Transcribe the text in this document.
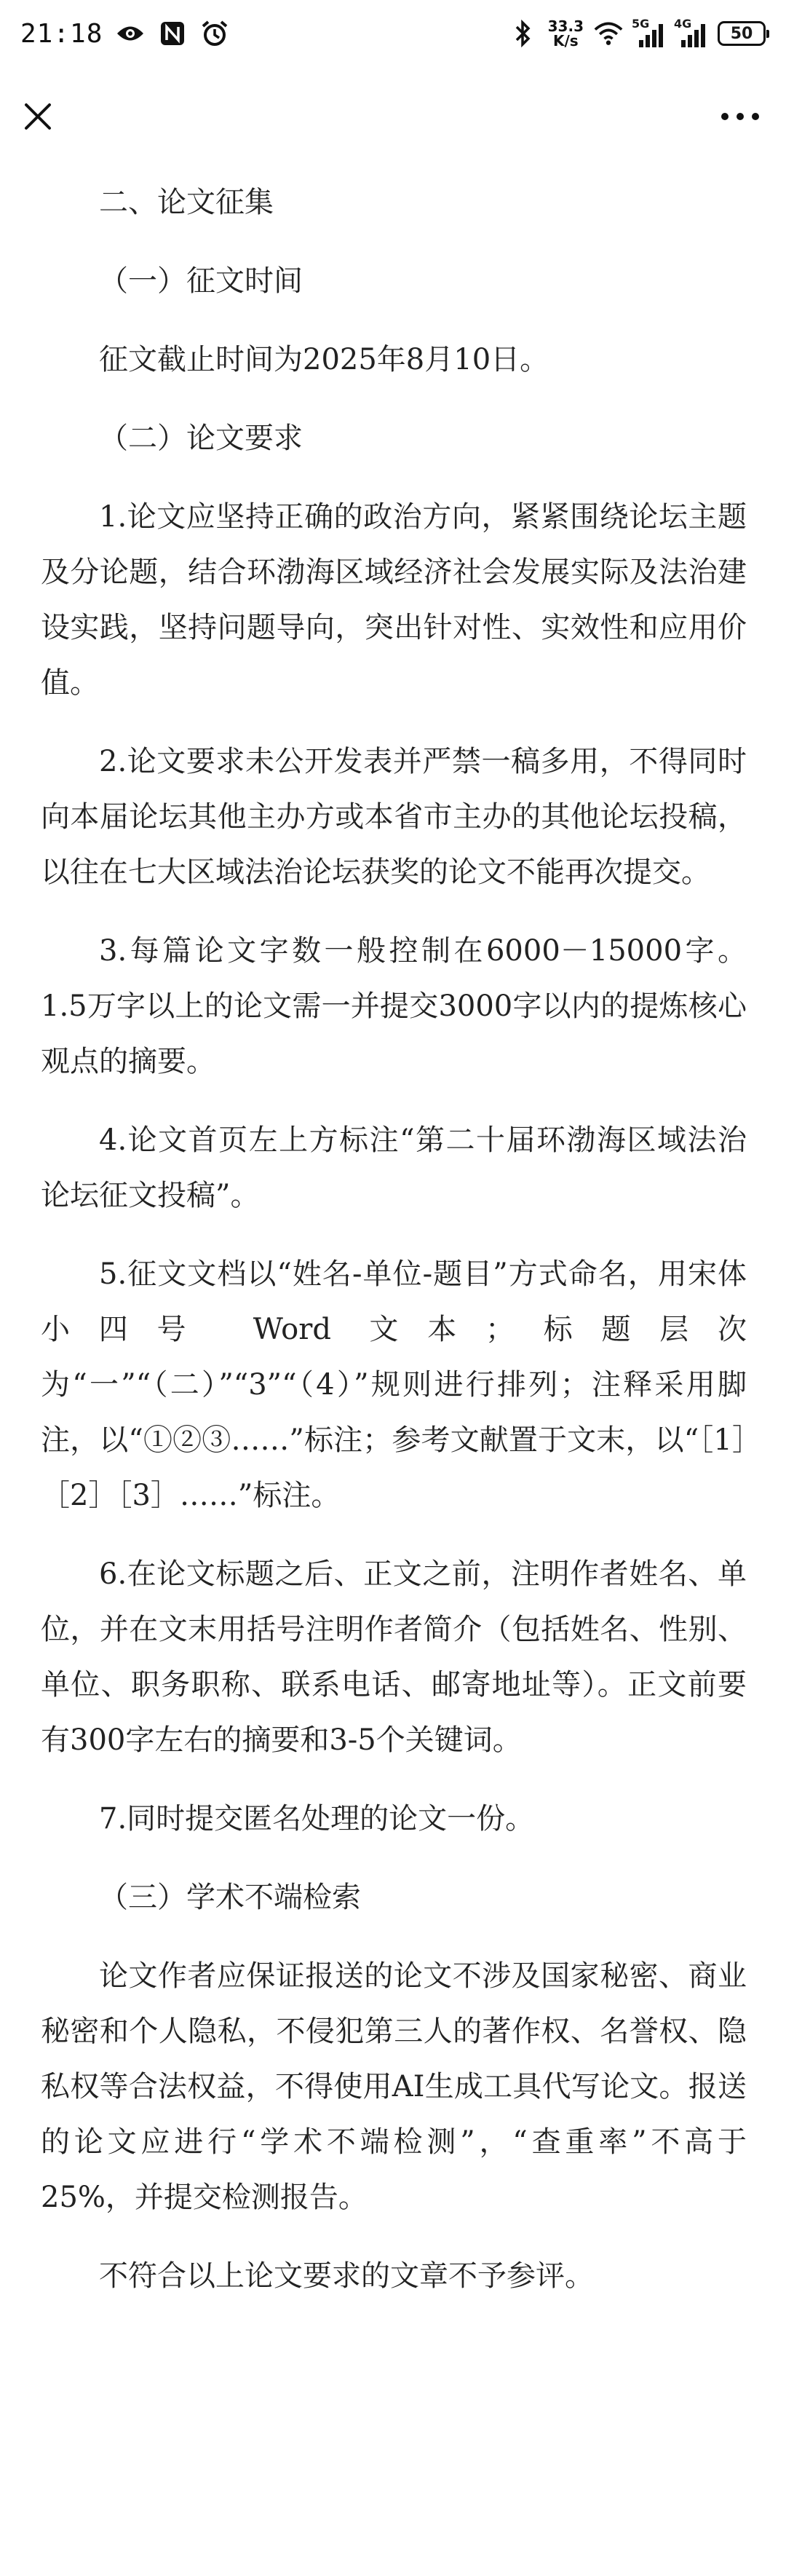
21:18	33.3
K/s
5G 4G
50

二、论文征集

（一）征文时间

征文截止时间为2025年8月10日。

（二）论文要求

1.论文应坚持正确的政治方向，紧紧围绕论坛主题及分论题，结合环渤海区域经济社会发展实际及法治建设实践，坚持问题导向，突出针对性、实效性和应用价值。

2.论文要求未公开发表并严禁一稿多用，不得同时向本届论坛其他主办方或本省市主办的其他论坛投稿，以往在七大区域法治论坛获奖的论文不能再次提交。

3.每篇论文字数一般控制在6000－15000字。1.5万字以上的论文需一并提交3000字以内的提炼核心观点的摘要。

4.论文首页左上方标注“第二十届环渤海区域法治论坛征文投稿”。

5.征文文档以“姓名-单位-题目”方式命名，用宋体小四号 Word 文本；标题层次为“一”“（二）”“3”“（4）”规则进行排列；注释采用脚注，以“①②③……”标注；参考文献置于文末，以“［1］［2］［3］……”标注。

6.在论文标题之后、正文之前，注明作者姓名、单位，并在文末用括号注明作者简介（包括姓名、性别、单位、职务职称、联系电话、邮寄地址等）。正文前要有300字左右的摘要和3-5个关键词。

7.同时提交匿名处理的论文一份。

（三）学术不端检索

论文作者应保证报送的论文不涉及国家秘密、商业秘密和个人隐私，不侵犯第三人的著作权、名誉权、隐私权等合法权益，不得使用AI生成工具代写论文。报送的论文应进行“学术不端检测”，“查重率”不高于25%，并提交检测报告。

不符合以上论文要求的文章不予参评。
